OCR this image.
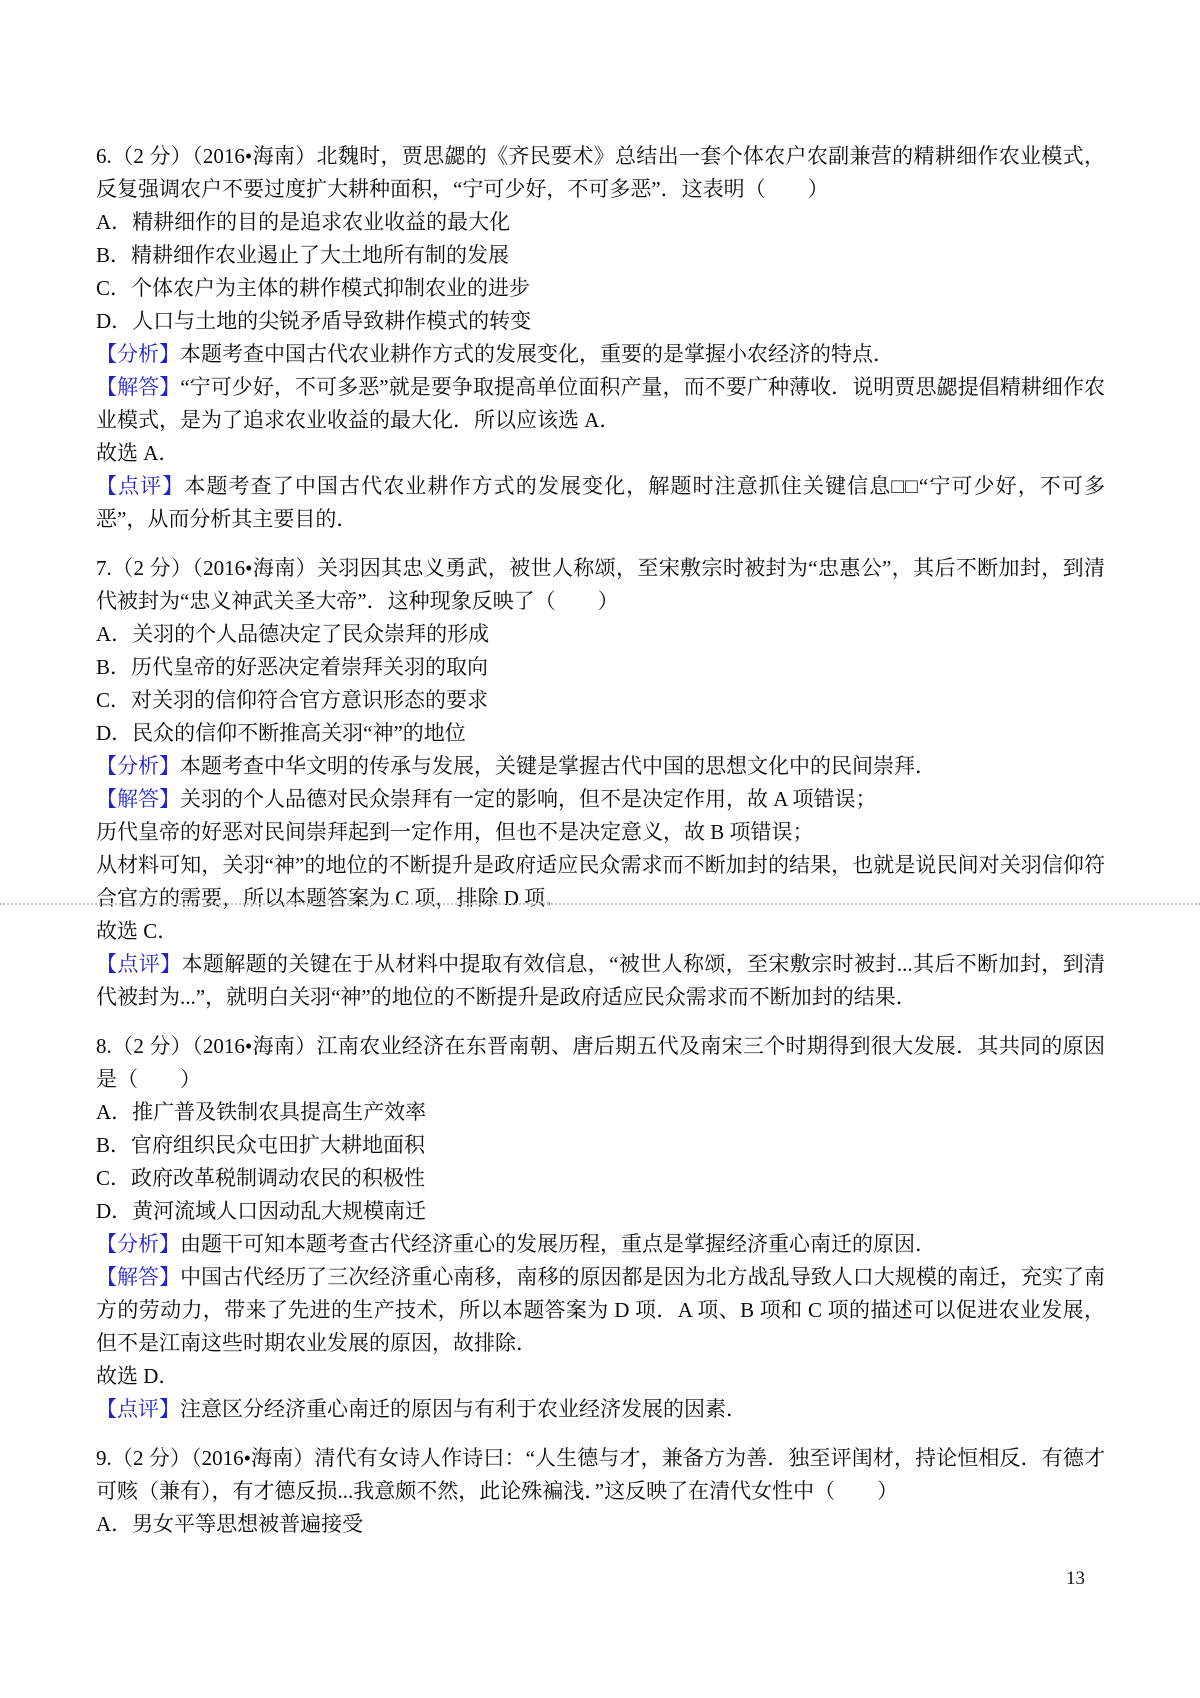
6.（2 分）（2016•海南）北魏时，贾思勰的《齐民要术》总结出一套个体农户农副兼营的精耕细作农业模式，反复强调农户不要过度扩大耕种面积，“宁可少好，不可多恶”．这表明（　　）

A．精耕细作的目的是追求农业收益的最大化

B．精耕细作农业遏止了大土地所有制的发展

C．个体农户为主体的耕作模式抑制农业的进步

D．人口与土地的尖锐矛盾导致耕作模式的转变

【分析】本题考查中国古代农业耕作方式的发展变化，重要的是掌握小农经济的特点．

【解答】“宁可少好，不可多恶”就是要争取提高单位面积产量，而不要广种薄收．说明贾思勰提倡精耕细作农业模式，是为了追求农业收益的最大化．所以应该选 A．

故选 A．

【点评】本题考查了中国古代农业耕作方式的发展变化，解题时注意抓住关键信息□□“宁可少好，不可多恶”，从而分析其主要目的．

7.（2 分）（2016•海南）关羽因其忠义勇武，被世人称颂，至宋敷宗时被封为“忠惠公”，其后不断加封，到清代被封为“忠义神武关圣大帝”．这种现象反映了（　　）

A．关羽的个人品德决定了民众崇拜的形成

B．历代皇帝的好恶决定着崇拜关羽的取向

C．对关羽的信仰符合官方意识形态的要求

D．民众的信仰不断推高关羽“神”的地位

【分析】本题考查中华文明的传承与发展，关键是掌握古代中国的思想文化中的民间崇拜．

【解答】关羽的个人品德对民众崇拜有一定的影响，但不是决定作用，故 A 项错误；

历代皇帝的好恶对民间崇拜起到一定作用，但也不是决定意义，故 B 项错误；

从材料可知，关羽“神”的地位的不断提升是政府适应民众需求而不断加封的结果，也就是说民间对关羽信仰符合官方的需要，所以本题答案为 C 项，排除 D 项．

故选 C．

【点评】本题解题的关键在于从材料中提取有效信息，“被世人称颂，至宋敷宗时被封...其后不断加封，到清代被封为...”，就明白关羽“神”的地位的不断提升是政府适应民众需求而不断加封的结果．

8.（2 分）（2016•海南）江南农业经济在东晋南朝、唐后期五代及南宋三个时期得到很大发展．其共同的原因是（　　）

A．推广普及铁制农具提高生产效率

B．官府组织民众屯田扩大耕地面积

C．政府改革税制调动农民的积极性

D．黄河流域人口因动乱大规模南迁

【分析】由题干可知本题考查古代经济重心的发展历程，重点是掌握经济重心南迁的原因．

【解答】中国古代经历了三次经济重心南移，南移的原因都是因为北方战乱导致人口大规模的南迁，充实了南方的劳动力，带来了先进的生产技术，所以本题答案为 D 项．A 项、B 项和 C 项的描述可以促进农业发展，但不是江南这些时期农业发展的原因，故排除．

故选 D．

【点评】注意区分经济重心南迁的原因与有利于农业经济发展的因素．

9.（2 分）（2016•海南）清代有女诗人作诗曰：“人生德与才，兼备方为善．独至评闺材，持论恒相反．有德才可赅（兼有），有才德反损...我意颇不然，此论殊褊浅．”这反映了在清代女性中（　　）

A．男女平等思想被普遍接受

13
